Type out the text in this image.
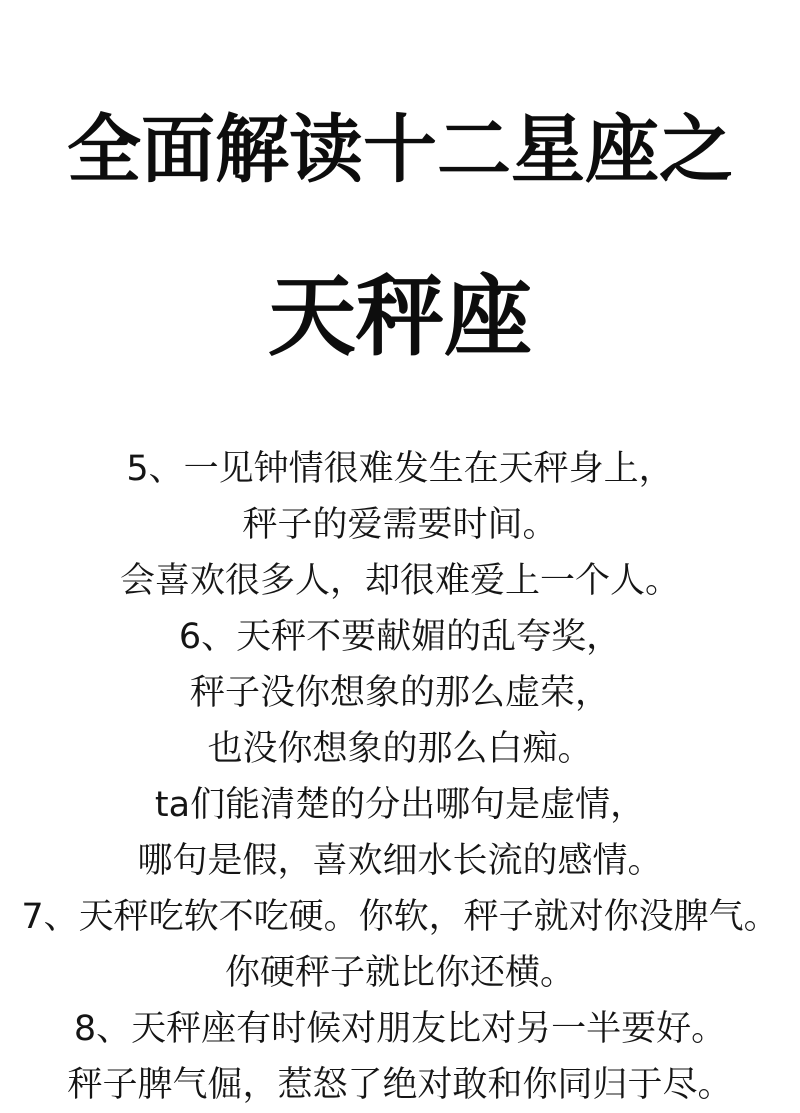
全面解读十二星座之
天秤座
5、一见钟情很难发生在天秤身上，
秤子的爱需要时间。
会喜欢很多人，却很难爱上一个人。
6、天秤不要献媚的乱夸奖，
秤子没你想象的那么虚荣，
也没你想象的那么白痴。
ta们能清楚的分出哪句是虚情，
哪句是假，喜欢细水长流的感情。
7、天秤吃软不吃硬。你软，秤子就对你没脾气。
你硬秤子就比你还横。
8、天秤座有时候对朋友比对另一半要好。
秤子脾气倔，惹怒了绝对敢和你同归于尽。
